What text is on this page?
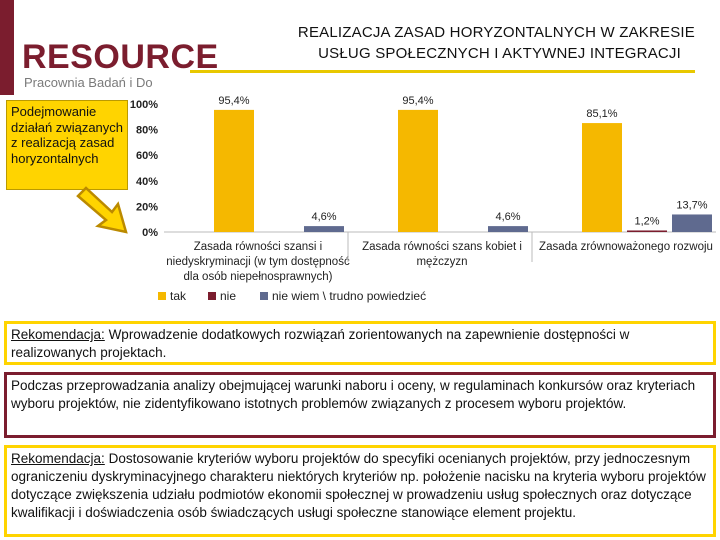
RESOURCE
Pracownia Badań i Do
REALIZACJA ZASAD HORYZONTALNYCH W ZAKRESIE
USŁUG SPOŁECZNYCH I AKTYWNEJ INTEGRACJI
Podejmowanie działań związanych z realizacją zasad horyzontalnych
0%
20%
40%
60%
80%
100%	95,4%
4,6%
Zasada równości szansi i
niedyskryminacji (w tym dostępność
dla osób niepełnosprawnych)
95,4%
4,6%
Zasada równości szans kobiet i
mężczyzn
85,1%
1,2%
13,7%
Zasada zrównoważonego rozwoju
tak	nie	nie wiem \ trudno powiedzieć
Rekomendacja: Wprowadzenie dodatkowych rozwiązań zorientowanych na zapewnienie dostępności w realizowanych projektach.
Podczas przeprowadzania analizy obejmującej warunki naboru i oceny, w regulaminach konkursów oraz kryteriach wyboru projektów, nie zidentyfikowano istotnych problemów związanych z procesem wyboru projektów.
Rekomendacja: Dostosowanie kryteriów wyboru projektów do specyfiki ocenianych projektów, przy jednoczesnym ograniczeniu dyskryminacyjnego charakteru niektórych kryteriów np. położenie nacisku na kryteria wyboru projektów dotyczące zwiększenia udziału podmiotów ekonomii społecznej w prowadzeniu usług społecznych oraz dotyczące kwalifikacji i doświadczenia osób świadczących usługi społeczne stanowiące element projektu.
